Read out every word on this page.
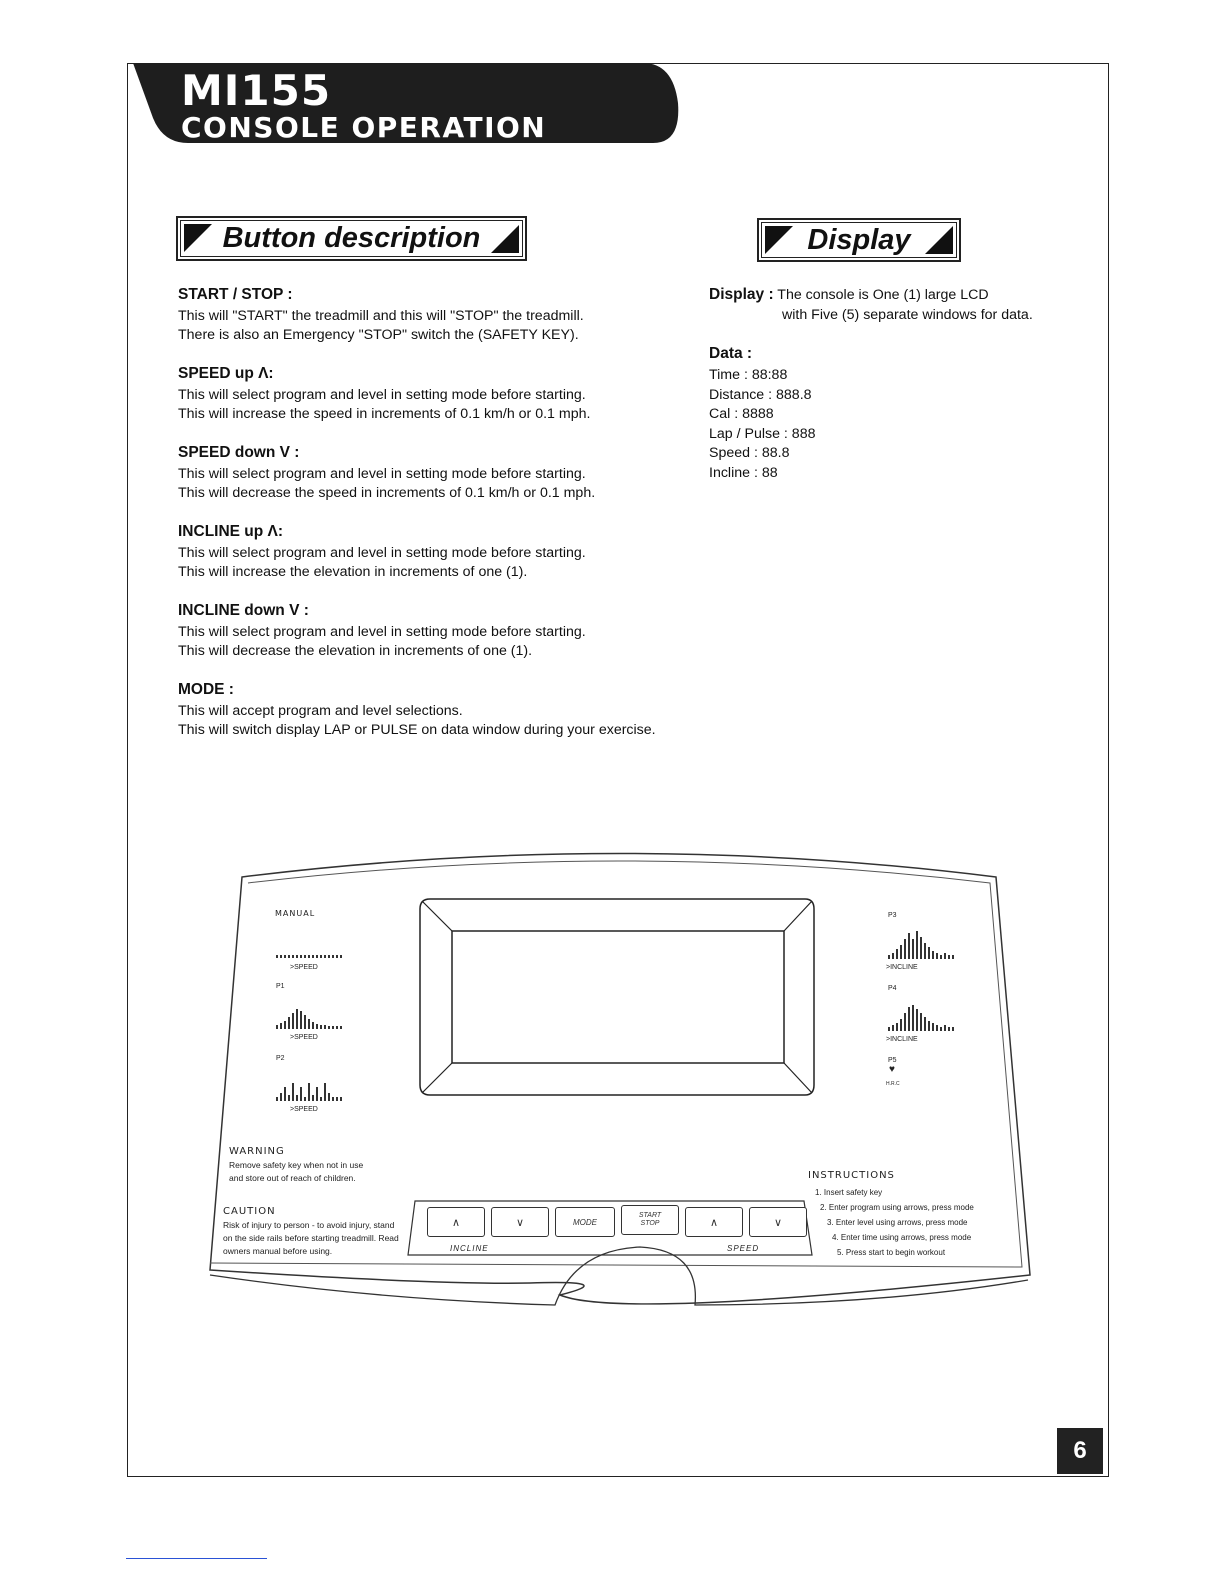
MI155
CONSOLE OPERATION
Button description	Display
START / STOP :

This will "START" the treadmill and this will "STOP" the treadmill.

There is also an Emergency "STOP" switch the (SAFETY KEY).

SPEED up Λ:

This will select program and level in setting mode before starting.

This will increase the speed in increments of 0.1 km/h or 0.1 mph.

SPEED down V :

This will select program and level in setting mode before starting.

This will decrease the speed in increments of 0.1 km/h or 0.1 mph.

INCLINE up Λ:

This will select program and level in setting mode before starting.

This will increase the elevation in increments of one (1).

INCLINE down V :

This will select program and level in setting mode before starting.

This will decrease the elevation in increments of one (1).

MODE :

This will accept program and level selections.

This will switch display LAP or PULSE on data window during your exercise.

Display : The console is One (1) large LCD
with Five (5) separate windows for data.
Data :
Time : 88:88
Distance : 888.8
Cal : 8888
Lap / Pulse : 888
Speed : 88.8
Incline : 88
MANUAL
>SPEED
P1
>SPEED
P2
>SPEED
P3
>INCLINE
P4
>INCLINE
P5
♥
H.R.C
WARNING
Remove safety key when not in use and store out of reach of children.
CAUTION
Risk of injury to person - to avoid injury, stand on the side rails before starting treadmill. Read owners manual before using.
INSTRUCTIONS
1. Insert safety key
2. Enter program using arrows, press mode
3. Enter level using arrows, press mode
4. Enter time using arrows, press mode
5. Press start to begin workout
∧	∨	MODE
START
STOP	∧	∨
INCLINE	SPEED
6
